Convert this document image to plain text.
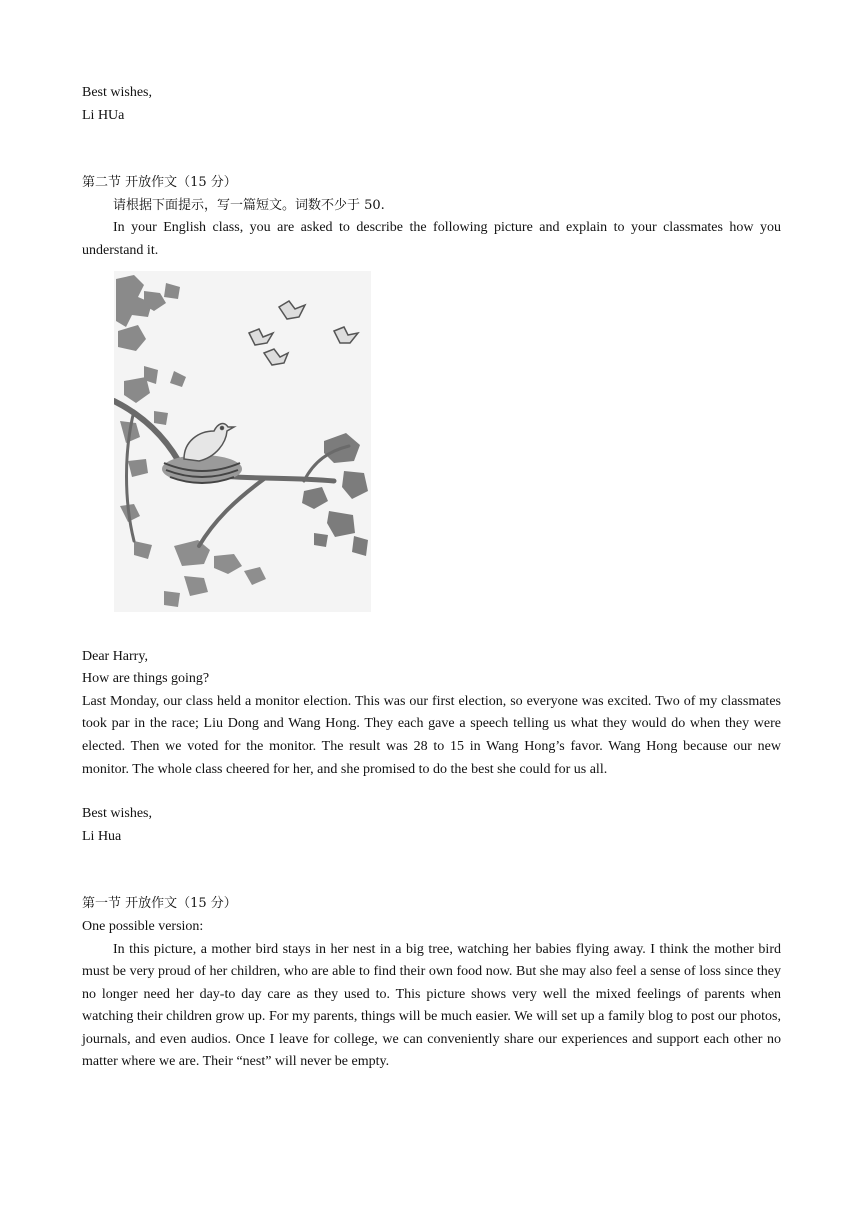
Best wishes,

Li HUa

第二节 开放作文（15 分）

请根据下面提示，写一篇短文。词数不少于 50.

In your English class, you are asked to describe the following picture and explain to your classmates how you understand it.

Dear Harry,

How are things going?

Last Monday, our class held a monitor election. This was our first election, so everyone was excited. Two of my classmates took par in the race; Liu Dong and Wang Hong. They each gave a speech telling us what they would do when they were elected. Then we voted for the monitor. The result was 28 to 15 in Wang Hong’s favor. Wang Hong because our new monitor. The whole class cheered for her, and she promised to do the best she could for us all.

Best wishes,

Li Hua

第一节 开放作文（15 分）

One possible version:

In this picture, a mother bird stays in her nest in a big tree, watching her babies flying away. I think the mother bird must be very proud of her children, who are able to find their own food now. But she may also feel a sense of loss since they no longer need her day-to day care as they used to. This picture shows very well the mixed feelings of parents when watching their children grow up. For my parents, things will be much easier. We will set up a family blog to post our photos, journals, and even audios. Once I leave for college, we can conveniently share our experiences and support each other no matter where we are. Their “nest” will never be empty.
